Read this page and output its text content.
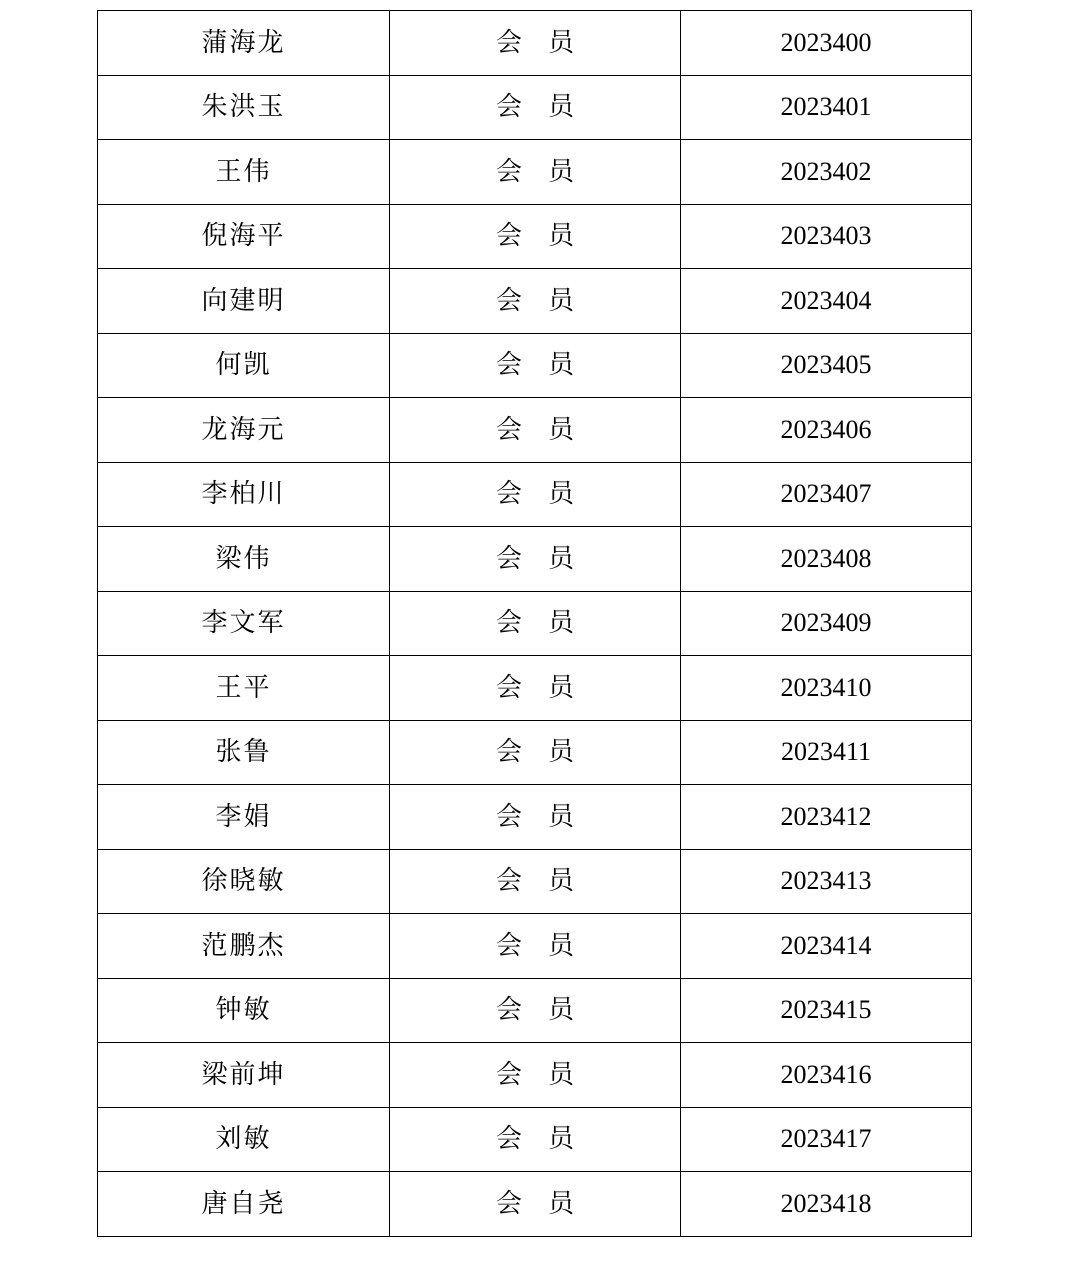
蒲海龙	会　员	2023400
朱洪玉	会　员	2023401
王伟	会　员	2023402
倪海平	会　员	2023403
向建明	会　员	2023404
何凯	会　员	2023405
龙海元	会　员	2023406
李柏川	会　员	2023407
梁伟	会　员	2023408
李文军	会　员	2023409
王平	会　员	2023410
张鲁	会　员	2023411
李娟	会　员	2023412
徐晓敏	会　员	2023413
范鹏杰	会　员	2023414
钟敏	会　员	2023415
梁前坤	会　员	2023416
刘敏	会　员	2023417
唐自尧	会　员	2023418
